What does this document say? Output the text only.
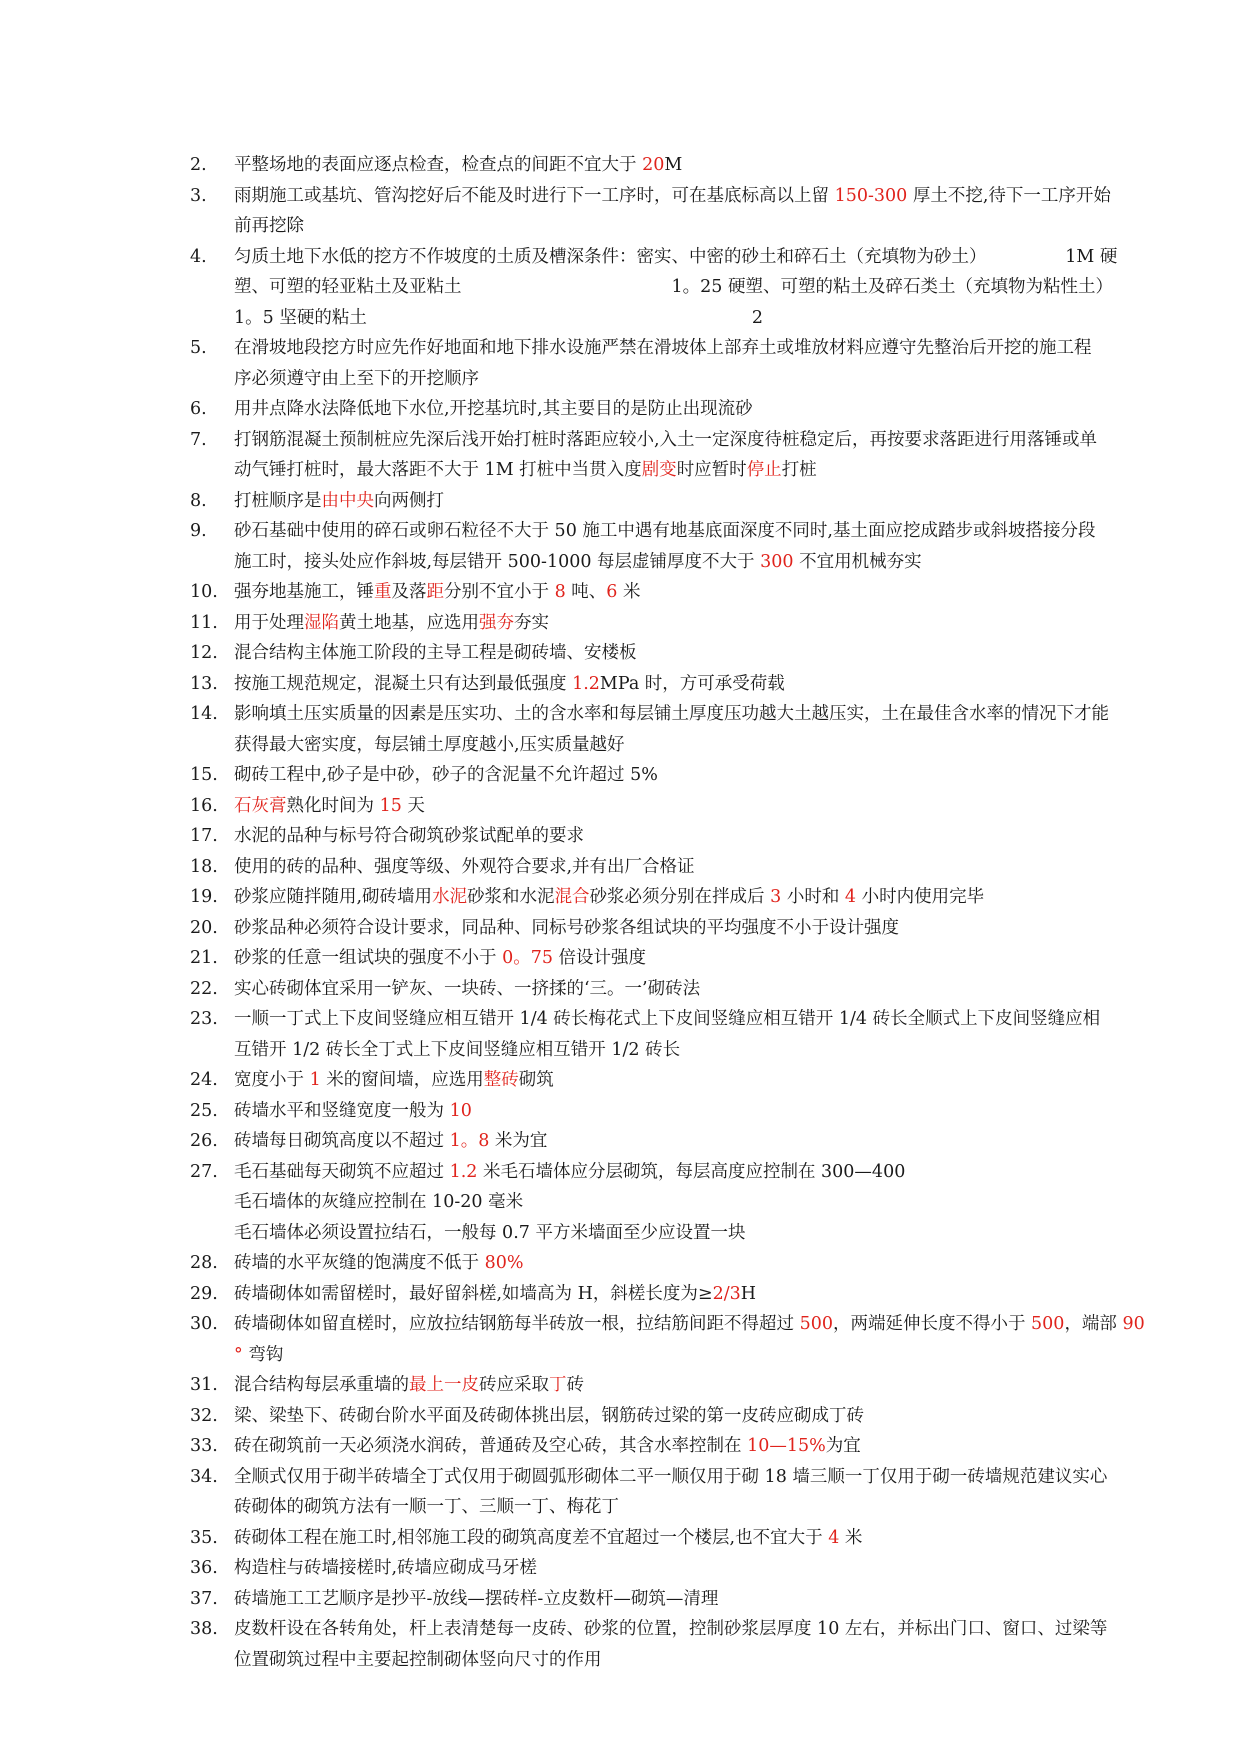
2.	平整场地的表面应逐点检查，检查点的间距不宜大于 20M
3.	雨期施工或基坑、管沟挖好后不能及时进行下一工序时，可在基底标高以上留 150-300 厚土不挖,待下一工序开始
前再挖除
4.	匀质土地下水低的挖方不作坡度的土质及槽深条件：密实、中密的砂土和碎石土（充填物为砂土）　　　　　1M 硬
塑、可塑的轻亚粘土及亚粘土　　　　　　　　　　　　1。25 硬塑、可塑的粘土及碎石类土（充填物为粘性土）
1。5 坚硬的粘土　　　　　　　　　　　　　　　　　　　　　　2
5.	在滑坡地段挖方时应先作好地面和地下排水设施严禁在滑坡体上部弃土或堆放材料应遵守先整治后开挖的施工程
序必须遵守由上至下的开挖顺序
6.	用井点降水法降低地下水位,开挖基坑时,其主要目的是防止出现流砂
7.	打钢筋混凝土预制桩应先深后浅开始打桩时落距应较小,入土一定深度待桩稳定后，再按要求落距进行用落锤或单
动气锤打桩时，最大落距不大于 1M 打桩中当贯入度剧变时应暂时停止打桩
8.	打桩顺序是由中央向两侧打
9.	砂石基础中使用的碎石或卵石粒径不大于 50 施工中遇有地基底面深度不同时,基土面应挖成踏步或斜坡搭接分段
施工时，接头处应作斜坡,每层错开 500-1000 每层虚铺厚度不大于 300 不宜用机械夯实
10. 强夯地基施工，锤重及落距分别不宜小于 8 吨、6 米
11. 用于处理湿陷黄土地基，应选用强夯夯实
12. 混合结构主体施工阶段的主导工程是砌砖墙、安楼板
13. 按施工规范规定，混凝土只有达到最低强度 1.2MPa 时，方可承受荷载
14. 影响填土压实质量的因素是压实功、土的含水率和每层铺土厚度压功越大土越压实，土在最佳含水率的情况下才能
获得最大密实度，每层铺土厚度越小,压实质量越好
15. 砌砖工程中,砂子是中砂，砂子的含泥量不允许超过 5%
16. 石灰膏熟化时间为 15 天
17. 水泥的品种与标号符合砌筑砂浆试配单的要求
18. 使用的砖的品种、强度等级、外观符合要求,并有出厂合格证
19. 砂浆应随拌随用,砌砖墙用水泥砂浆和水泥混合砂浆必须分别在拌成后 3 小时和 4 小时内使用完毕
20. 砂浆品种必须符合设计要求，同品种、同标号砂浆各组试块的平均强度不小于设计强度
21. 砂浆的任意一组试块的强度不小于 0。75 倍设计强度
22. 实心砖砌体宜采用一铲灰、一块砖、一挤揉的‘三。一’砌砖法
23. 一顺一丁式上下皮间竖缝应相互错开 1/4 砖长梅花式上下皮间竖缝应相互错开 1/4 砖长全顺式上下皮间竖缝应相
互错开 1/2 砖长全丁式上下皮间竖缝应相互错开 1/2 砖长
24. 宽度小于 1 米的窗间墙，应选用整砖砌筑
25. 砖墙水平和竖缝宽度一般为 10
26. 砖墙每日砌筑高度以不超过 1。8 米为宜
27. 毛石基础每天砌筑不应超过 1.2 米毛石墙体应分层砌筑，每层高度应控制在 300—400
毛石墙体的灰缝应控制在 10-20 毫米
毛石墙体必须设置拉结石，一般每 0.7 平方米墙面至少应设置一块
28. 砖墙的水平灰缝的饱满度不低于 80%
29. 砖墙砌体如需留槎时，最好留斜槎,如墙高为 H，斜槎长度为≥2/3H
30. 砖墙砌体如留直槎时，应放拉结钢筋每半砖放一根，拉结筋间距不得超过 500，两端延伸长度不得小于 500，端部 90
° 弯钩
31. 混合结构每层承重墙的最上一皮砖应采取丁砖
32. 梁、梁垫下、砖砌台阶水平面及砖砌体挑出层，钢筋砖过梁的第一皮砖应砌成丁砖
33. 砖在砌筑前一天必须浇水润砖，普通砖及空心砖，其含水率控制在 10—15%为宜
34. 全顺式仅用于砌半砖墙全丁式仅用于砌圆弧形砌体二平一顺仅用于砌 18 墙三顺一丁仅用于砌一砖墙规范建议实心
砖砌体的砌筑方法有一顺一丁、三顺一丁、梅花丁
35. 砖砌体工程在施工时,相邻施工段的砌筑高度差不宜超过一个楼层,也不宜大于 4 米
36. 构造柱与砖墙接槎时,砖墙应砌成马牙槎
37. 砖墙施工工艺顺序是抄平-放线—摆砖样-立皮数杆—砌筑—清理
38. 皮数杆设在各转角处，杆上表清楚每一皮砖、砂浆的位置，控制砂浆层厚度 10 左右，并标出门口、窗口、过梁等
位置砌筑过程中主要起控制砌体竖向尺寸的作用
